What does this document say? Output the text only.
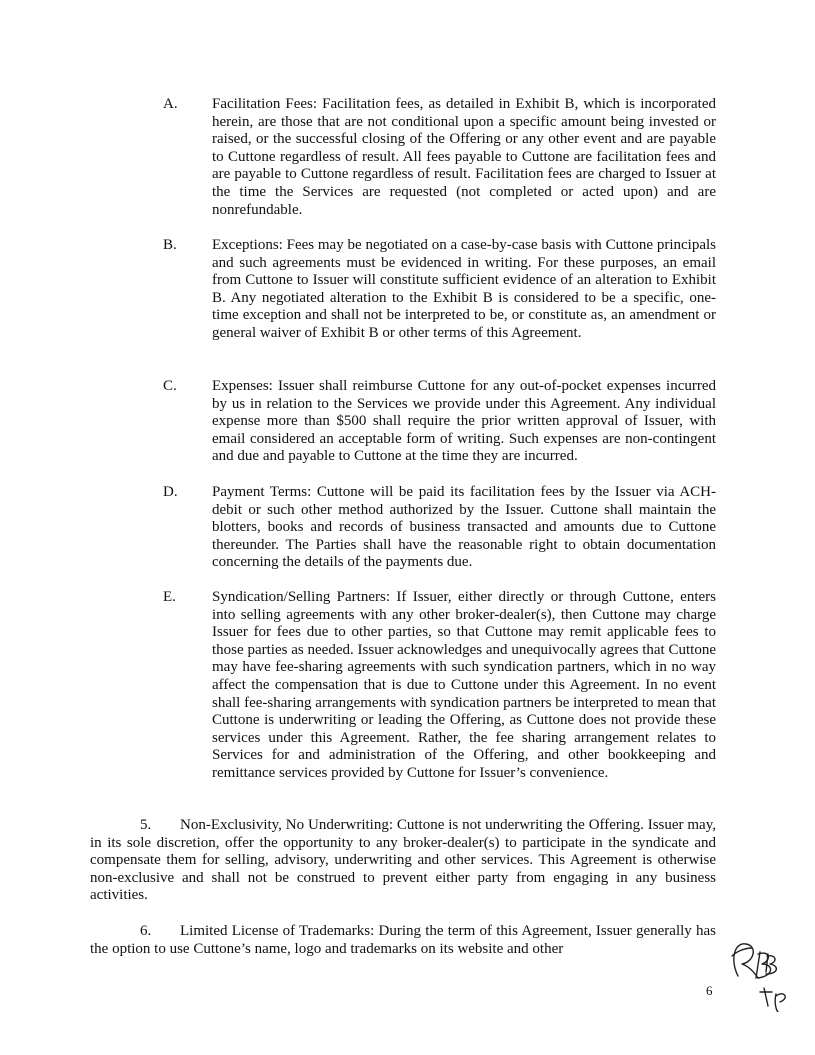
A.	Facilitation Fees: Facilitation fees, as detailed in Exhibit B, which is incorporated herein, are those that are not conditional upon a specific amount being invested or raised, or the successful closing of the Offering or any other event and are payable to Cuttone regardless of result. All fees payable to Cuttone are facilitation fees and are payable to Cuttone regardless of result. Facilitation fees are charged to Issuer at the time the Services are requested (not completed or acted upon) and are nonrefundable.
B.	Exceptions: Fees may be negotiated on a case-by-case basis with Cuttone principals and such agreements must be evidenced in writing. For these purposes, an email from Cuttone to Issuer will constitute sufficient evidence of an alteration to Exhibit B. Any negotiated alteration to the Exhibit B is considered to be a specific, one-time exception and shall not be interpreted to be, or constitute as, an amendment or general waiver of Exhibit B or other terms of this Agreement.
C.	Expenses: Issuer shall reimburse Cuttone for any out-of-pocket expenses incurred by us in relation to the Services we provide under this Agreement. Any individual expense more than $500 shall require the prior written approval of Issuer, with email considered an acceptable form of writing. Such expenses are non-contingent and due and payable to Cuttone at the time they are incurred.
D.	Payment Terms: Cuttone will be paid its facilitation fees by the Issuer via ACH-debit or such other method authorized by the Issuer. Cuttone shall maintain the blotters, books and records of business transacted and amounts due to Cuttone thereunder. The Parties shall have the reasonable right to obtain documentation concerning the details of the payments due.
E.	Syndication/Selling Partners: If Issuer, either directly or through Cuttone, enters into selling agreements with any other broker-dealer(s), then Cuttone may charge Issuer for fees due to other parties, so that Cuttone may remit applicable fees to those parties as needed. Issuer acknowledges and unequivocally agrees that Cuttone may have fee-sharing agreements with such syndication partners, which in no way affect the compensation that is due to Cuttone under this Agreement. In no event shall fee-sharing arrangements with syndication partners be interpreted to mean that Cuttone is underwriting or leading the Offering, as Cuttone does not provide these services under this Agreement. Rather, the fee sharing arrangement relates to Services for and administration of the Offering, and other bookkeeping and remittance services provided by Cuttone for Issuer’s convenience.
5. Non-Exclusivity, No Underwriting: Cuttone is not underwriting the Offering. Issuer may, in its sole discretion, offer the opportunity to any broker-dealer(s) to participate in the syndicate and compensate them for selling, advisory, underwriting and other services. This Agreement is otherwise non-exclusive and shall not be construed to prevent either party from engaging in any business activities.
6. Limited License of Trademarks: During the term of this Agreement, Issuer generally has the option to use Cuttone’s name, logo and trademarks on its website and other
6
